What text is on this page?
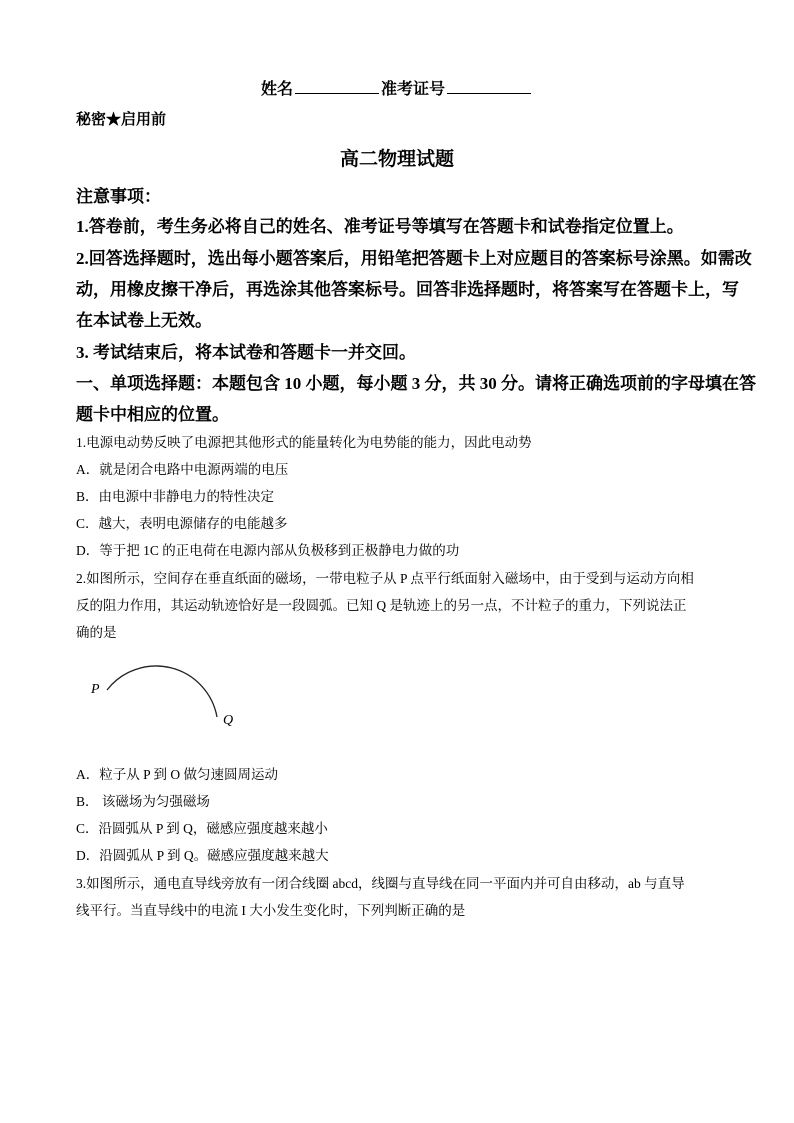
姓名	准考证号
秘密★启用前
高二物理试题
注意事项：
1.答卷前，考生务必将自己的姓名、准考证号等填写在答题卡和试卷指定位置上。
2.回答选择题时，选出每小题答案后，用铅笔把答题卡上对应题目的答案标号涂黑。如需改
动，用橡皮擦干净后，再选涂其他答案标号。回答非选择题时，将答案写在答题卡上，写
在本试卷上无效。
3. 考试结束后，将本试卷和答题卡一并交回。
一、单项选择题：本题包含 10 小题，每小题 3 分，共 30 分。请将正确选项前的字母填在答
题卡中相应的位置。
1.电源电动势反映了电源把其他形式的能量转化为电势能的能力，因此电动势
A．就是闭合电路中电源两端的电压
B．由电源中非静电力的特性决定
C．越大，表明电源储存的电能越多
D．等于把 1C 的正电荷在电源内部从负极移到正极静电力做的功
2.如图所示，空间存在垂直纸面的磁场，一带电粒子从 P 点平行纸面射入磁场中，由于受到与运动方向相
反的阻力作用，其运动轨迹恰好是一段圆弧。已知 Q 是轨迹上的另一点，不计粒子的重力，下列说法正
确的是
P
Q
A．粒子从 P 到 O 做匀速圆周运动
B． 该磁场为匀强磁场
C．沿圆弧从 P 到 Q，磁感应强度越来越小
D．沿圆弧从 P 到 Q。磁感应强度越来越大
3.如图所示，通电直导线旁放有一闭合线圈 abcd，线圈与直导线在同一平面内并可自由移动，ab 与直导
线平行。当直导线中的电流 I 大小发生变化时，下列判断正确的是
